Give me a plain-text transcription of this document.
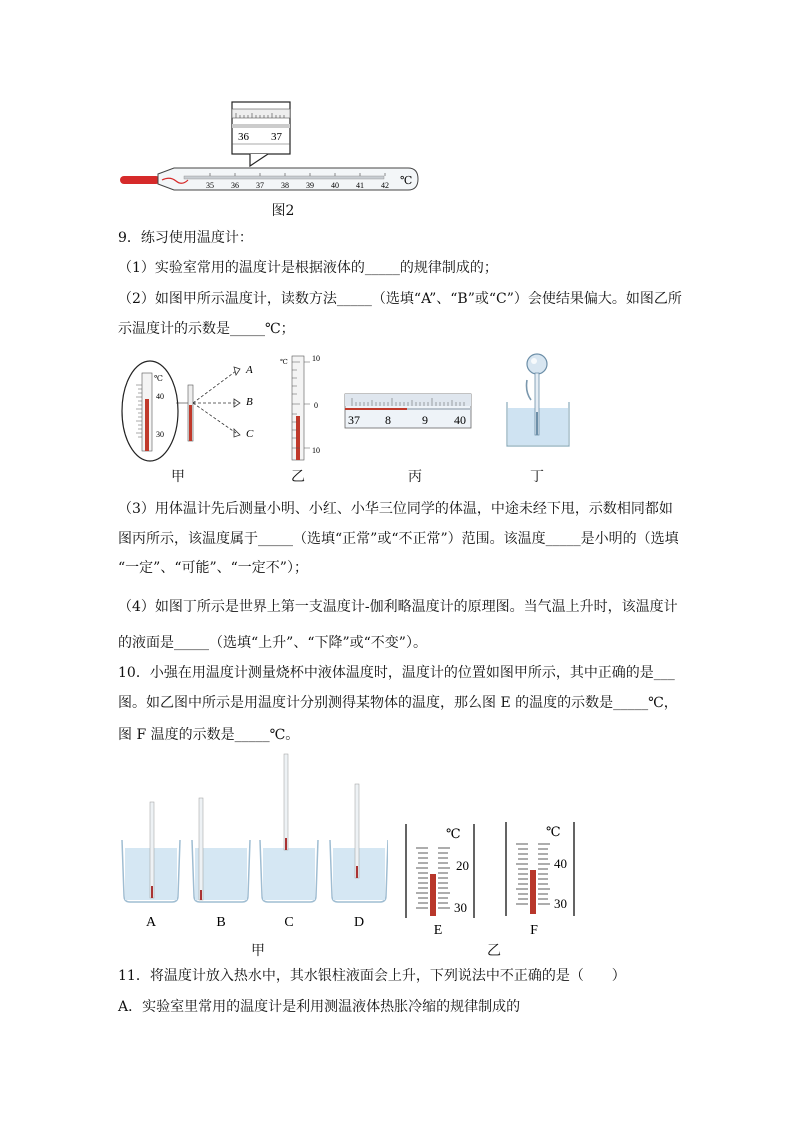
36 37
35 36 37 38 39 40 41 42 ℃
图2
9．练习使用温度计：
（1）实验室常用的温度计是根据液体的_____的规律制成的；
（2）如图甲所示温度计，读数方法_____（选填“A”、“B”或“C”）会使结果偏大。如图乙所
示温度计的示数是_____℃；
℃
40
30
A
B
C
甲
℃	10
0
10
乙
37 8	9 40
丙	丁
（3）用体温计先后测量小明、小红、小华三位同学的体温，中途未经下甩，示数相同都如
图丙所示，该温度属于_____（选填“正常”或“不正常”）范围。该温度_____是小明的（选填
“一定”、“可能”、“一定不”）；
（4）如图丁所示是世界上第一支温度计-伽利略温度计的原理图。当气温上升时，该温度计
的液面是_____（选填“上升”、“下降”或“不变”）。
10．小强在用温度计测量烧杯中液体温度时，温度计的位置如图甲所示，其中正确的是___
图。如乙图中所示是用温度计分别测得某物体的温度，那么图 E 的温度的示数是_____℃，
图 F 温度的示数是_____℃。
A	B	C	D
甲
℃
20
30
℃
40
30
E	F
乙
11．将温度计放入热水中，其水银柱液面会上升，下列说法中不正确的是（　　）
A．实验室里常用的温度计是利用测温液体热胀冷缩的规律制成的
